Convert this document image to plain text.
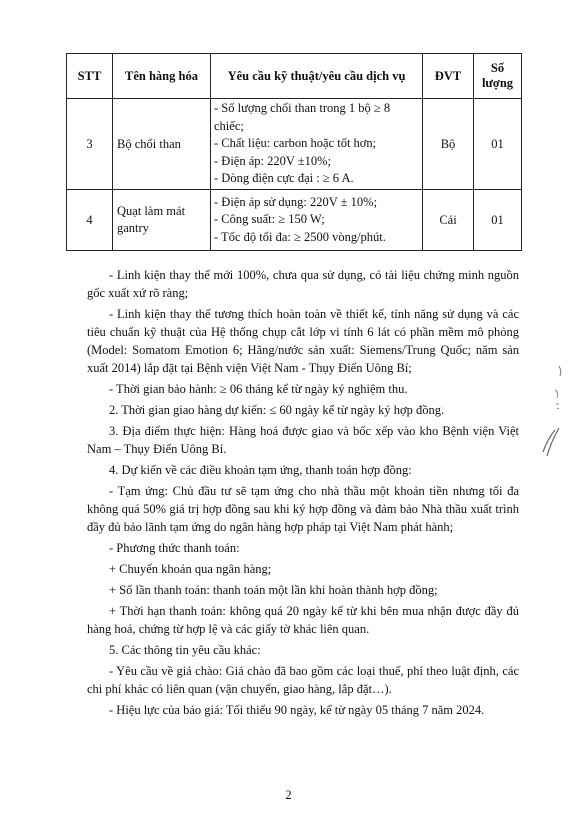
STT	Tên hàng hóa	Yêu cầu kỹ thuật/yêu cầu dịch vụ	ĐVT	Số lượng
3	Bộ chổi than	- Số lượng chổi than trong 1 bộ ≥ 8 chiếc;
- Chất liệu: carbon hoặc tốt hơn;
- Điện áp: 220V ±10%;
- Dòng điện cực đại : ≥ 6 A.	Bộ	01
4	Quạt làm mát gantry	- Điện áp sử dụng: 220V ± 10%;
- Công suất: ≥ 150 W;
- Tốc độ tối đa: ≥ 2500 vòng/phút.	Cái	01

- Linh kiện thay thế mới 100%, chưa qua sử dụng, có tài liệu chứng minh nguồn gốc xuất xứ rõ ràng;

- Linh kiện thay thế tương thích hoàn toàn về thiết kế, tính năng sử dụng và các tiêu chuẩn kỹ thuật của Hệ thống chụp cắt lớp vi tính 6 lát có phần mềm mô phỏng (Model: Somatom Emotion 6; Hãng/nước sản xuất: Siemens/Trung Quốc; năm sản xuất 2014) lắp đặt tại Bệnh viện Việt Nam - Thụy Điển Uông Bí;

- Thời gian bảo hành: ≥ 06 tháng kể từ ngày ký nghiệm thu.

2. Thời gian giao hàng dự kiến: ≤ 60 ngày kể từ ngày ký hợp đồng.

3. Địa điểm thực hiện: Hàng hoá được giao và bốc xếp vào kho Bệnh viện Việt Nam – Thụy Điển Uông Bí.

4. Dự kiến về các điều khoản tạm ứng, thanh toán hợp đồng:

- Tạm ứng: Chủ đầu tư sẽ tạm ứng cho nhà thầu một khoản tiền nhưng tối đa không quá 50% giá trị hợp đồng sau khi ký hợp đồng và đảm bảo Nhà thầu xuất trình đầy đủ bảo lãnh tạm ứng do ngân hàng hợp pháp tại Việt Nam phát hành;

- Phương thức thanh toán:

+ Chuyển khoản qua ngân hàng;

+ Số lần thanh toán: thanh toán một lần khi hoàn thành hợp đồng;

+ Thời hạn thanh toán: không quá 20 ngày kể từ khi bên mua nhận được đầy đủ hàng hoá, chứng từ hợp lệ và các giấy tờ khác liên quan.

5. Các thông tin yêu cầu khác:

- Yêu cầu về giá chào: Giá chào đã bao gồm các loại thuế, phí theo luật định, các chi phí khác có liên quan (vận chuyển, giao hàng, lắp đặt…).

- Hiệu lực của báo giá: Tối thiểu 90 ngày, kể từ ngày 05 tháng 7 năm 2024.

2
